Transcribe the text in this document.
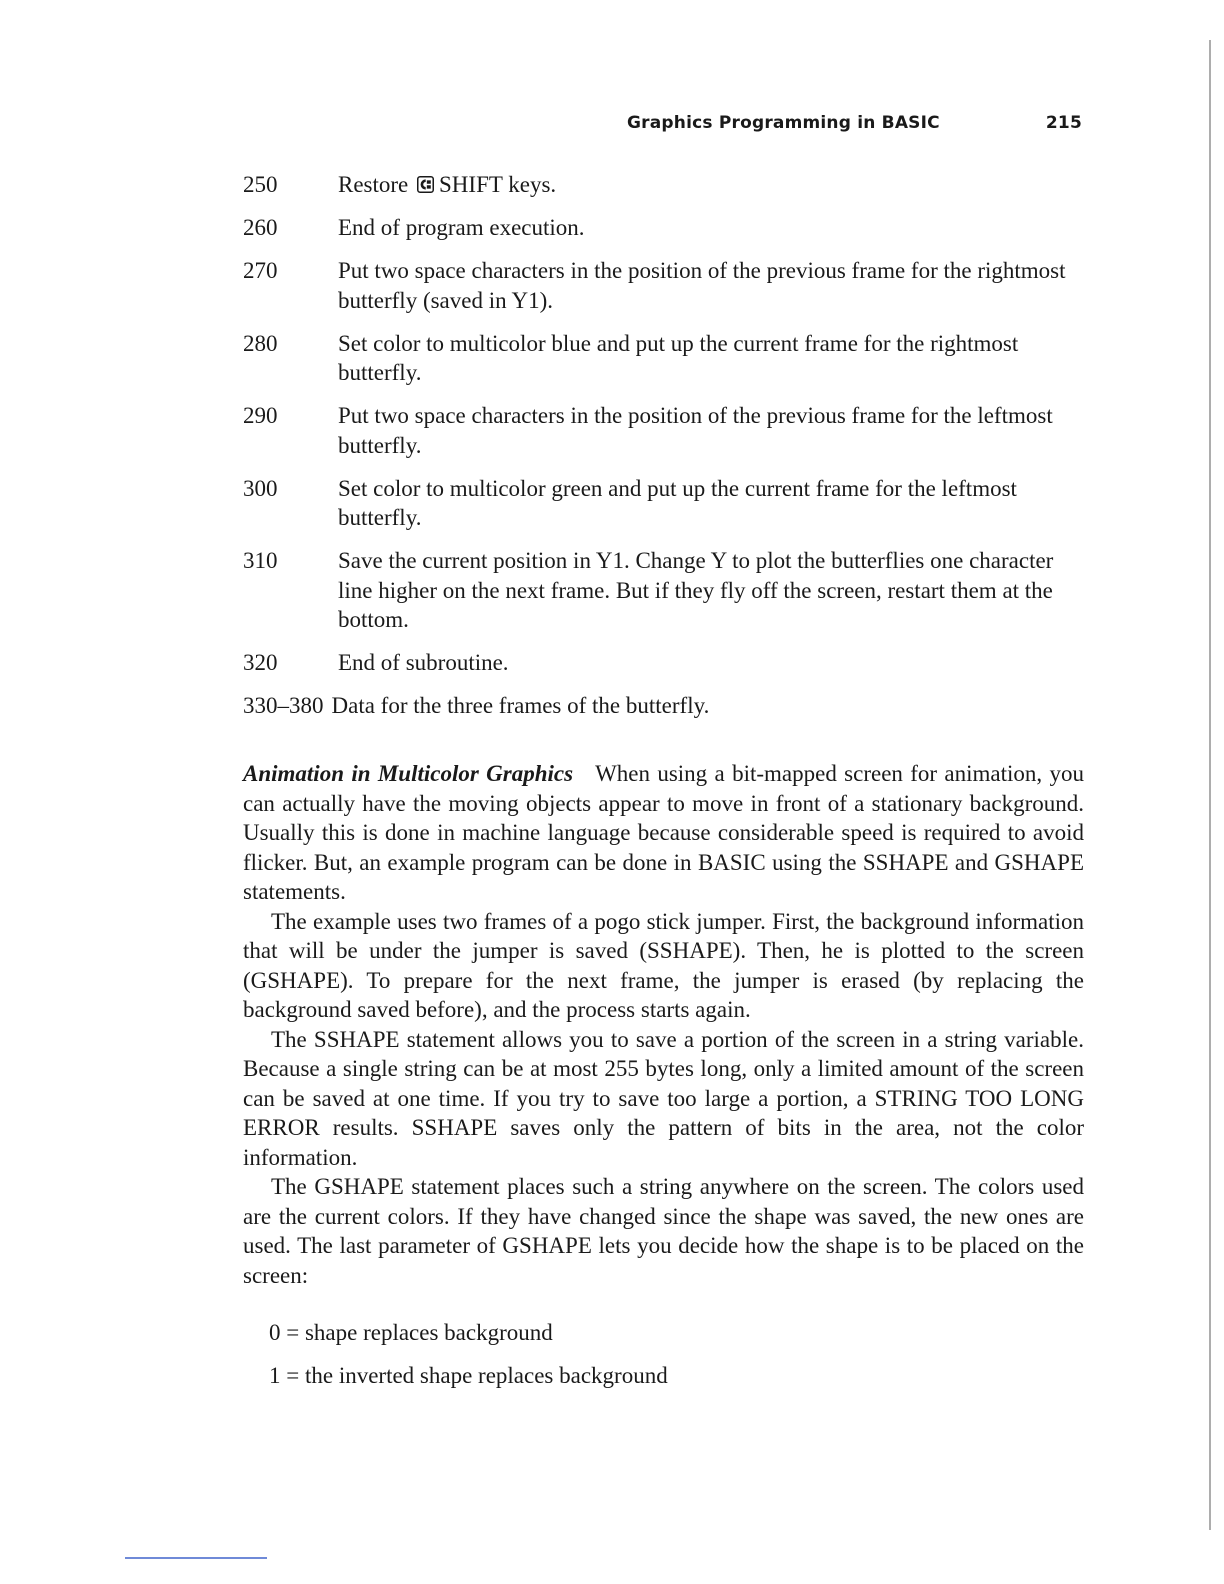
Graphics Programming in BASIC	215
250	Restore SHIFT keys.
260	End of program execution.
270	Put two space characters in the position of the previous frame for the rightmost butterfly (saved in Y1).
280	Set color to multicolor blue and put up the current frame for the rightmost butterfly.
290	Put two space characters in the position of the previous frame for the leftmost butterfly.
300	Set color to multicolor green and put up the current frame for the leftmost butterfly.
310	Save the current position in Y1. Change Y to plot the butterflies one character line higher on the next frame. But if they fly off the screen, restart them at the bottom.
320	End of subroutine.
330–380 Data for the three frames of the butterfly.

Animation in Multicolor Graphics When using a bit-mapped screen for animation, you can actually have the moving objects appear to move in front of a stationary background. Usually this is done in machine language because considerable speed is required to avoid flicker. But, an example program can be done in BASIC using the SSHAPE and GSHAPE statements.

The example uses two frames of a pogo stick jumper. First, the background information that will be under the jumper is saved (SSHAPE). Then, he is plotted to the screen (GSHAPE). To prepare for the next frame, the jumper is erased (by replacing the background saved before), and the process starts again.

The SSHAPE statement allows you to save a portion of the screen in a string variable. Because a single string can be at most 255 bytes long, only a limited amount of the screen can be saved at one time. If you try to save too large a portion, a STRING TOO LONG ERROR results. SSHAPE saves only the pattern of bits in the area, not the color information.

The GSHAPE statement places such a string anywhere on the screen. The colors used are the current colors. If they have changed since the shape was saved, the new ones are used. The last parameter of GSHAPE lets you decide how the shape is to be placed on the screen:

0 = shape replaces background
1 = the inverted shape replaces background
